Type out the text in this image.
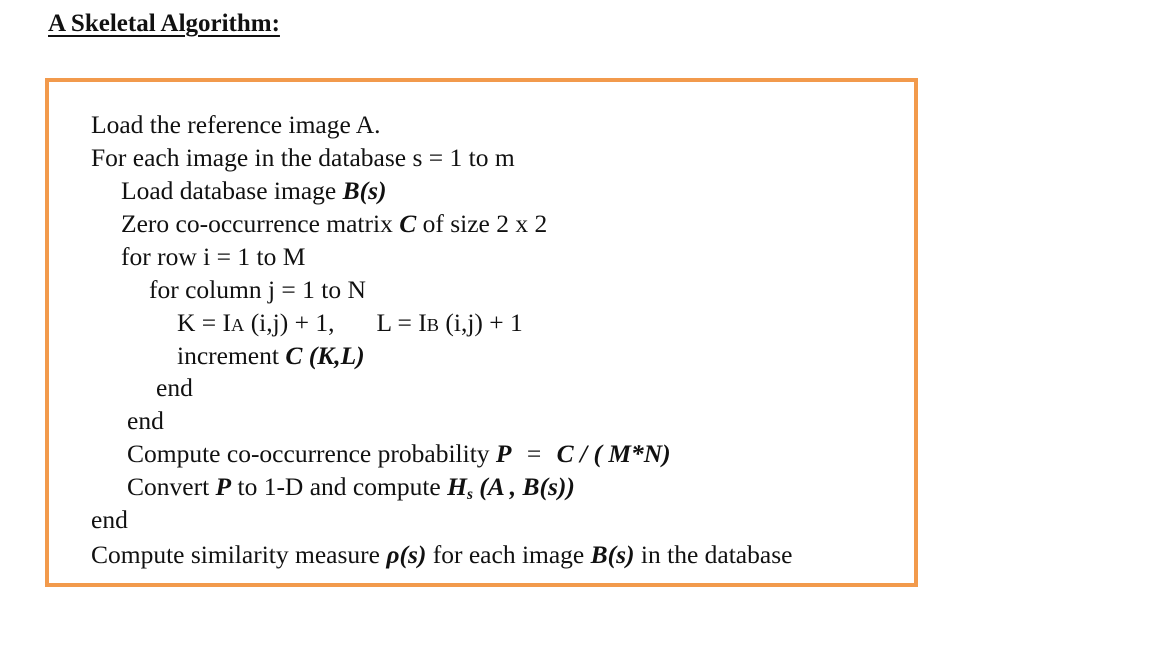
A Skeletal Algorithm:
Load the reference image A.
For each image in the database s = 1 to m
Load database image B(s)
Zero co-occurrence matrix C of size 2 x 2
for row i = 1 to M
for column j = 1 to N
K = IA (i,j) + 1, L = IB (i,j) + 1
increment C (K,L)
end
end
Compute co-occurrence probability P = C / ( M*N)
Convert P to 1-D and compute $H_s$ (A , B(s))
end
Compute similarity measure ρ(s) for each image B(s) in the database
